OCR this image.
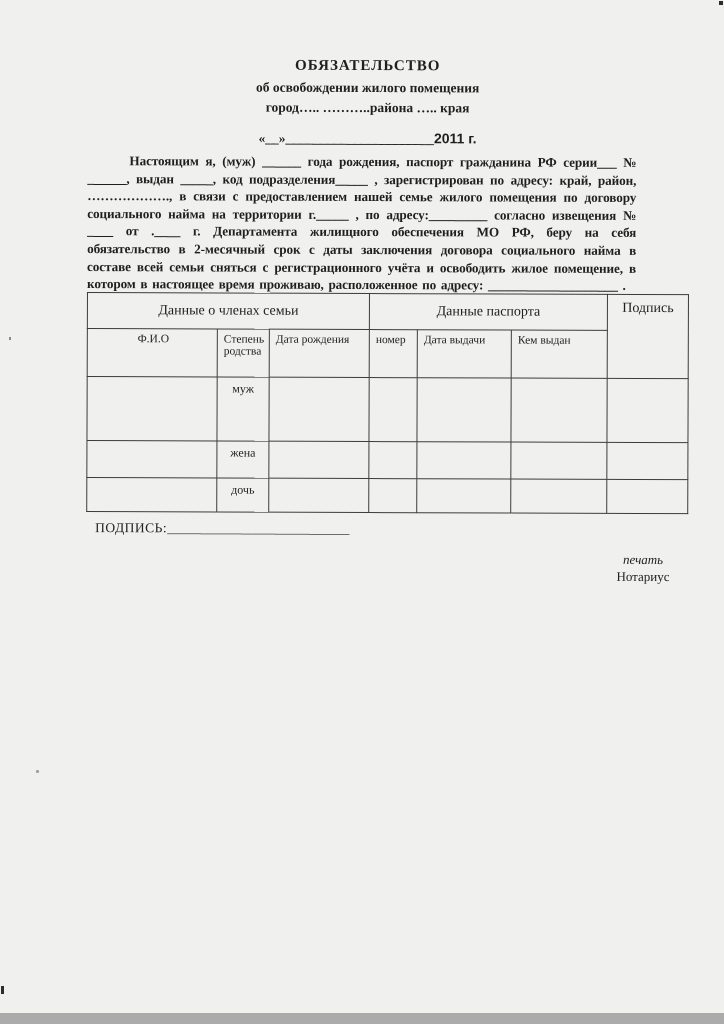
ОБЯЗАТЕЛЬСТВО
об освобождении жилого помещения
город….. ………..района ….. края
«__»______________________2011 г.
Настоящим я, (муж) ______ года рождения, паспорт гражданина РФ серии___ № ______, выдан _____, код подразделения_____ , зарегистрирован по адресу: край, район, ………………., в связи с предоставлением нашей семье жилого помещения по договору социального найма на территории г._____ , по адресу:_________ согласно извещения № ____ от .____ г. Департамента жилищного обеспечения МО РФ, беру на себя обязательство в 2-месячный срок с даты заключения договора социального найма в составе всей семьи сняться с регистрационного учёта и освободить жилое помещение, в котором в настоящее время проживаю, расположенное по адресу: ____________________ .
Данные о членах семьи			Данные паспорта			Подпись
Ф.И.О	Степень родства	Дата рождения	номер	Дата выдачи	Кем выдан	
	муж					
	жена					
	дочь					
ПОДПИСЬ:___________________________
печать
Нотариус
